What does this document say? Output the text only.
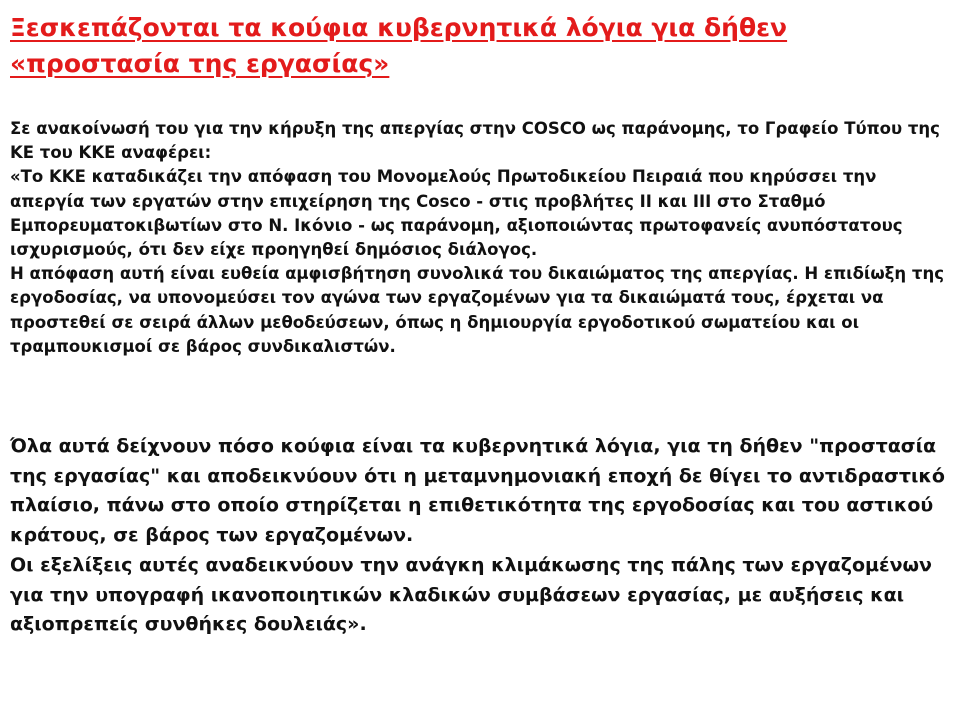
Ξεσκεπάζονται τα κούφια κυβερνητικά λόγια για δήθεν «προστασία της εργασίας»

Σε ανακοίνωσή του για την κήρυξη της απεργίας στην COSCO ως παράνομης, το Γραφείο Τύπου της ΚΕ του ΚΚΕ αναφέρει:

«Το ΚΚΕ καταδικάζει την απόφαση του Μονομελούς Πρωτοδικείου Πειραιά που κηρύσσει την απεργία των εργατών στην επιχείρηση της Cosco - στις προβλήτες ΙΙ και ΙΙΙ στο Σταθμό Εμπορευματοκιβωτίων στο Ν. Ικόνιο - ως παράνομη, αξιοποιώντας πρωτοφανείς ανυπόστατους ισχυρισμούς, ότι δεν είχε προηγηθεί δημόσιος διάλογος.

Η απόφαση αυτή είναι ευθεία αμφισβήτηση συνολικά του δικαιώματος της απεργίας. Η επιδίωξη της εργοδοσίας, να υπονομεύσει τον αγώνα των εργαζομένων για τα δικαιώματά τους, έρχεται να προστεθεί σε σειρά άλλων μεθοδεύσεων, όπως η δημιουργία εργοδοτικού σωματείου και οι τραμπουκισμοί σε βάρος συνδικαλιστών.

Όλα αυτά δείχνουν πόσο κούφια είναι τα κυβερνητικά λόγια, για τη δήθεν "προστασία της εργασίας" και αποδεικνύουν ότι η μεταμνημονιακή εποχή δε θίγει το αντιδραστικό πλαίσιο, πάνω στο οποίο στηρίζεται η επιθετικότητα της εργοδοσίας και του αστικού κράτους, σε βάρος των εργαζομένων.

Οι εξελίξεις αυτές αναδεικνύουν την ανάγκη κλιμάκωσης της πάλης των εργαζομένων για την υπογραφή ικανοποιητικών κλαδικών συμβάσεων εργασίας, με αυξήσεις και αξιοπρεπείς συνθήκες δουλειάς».
